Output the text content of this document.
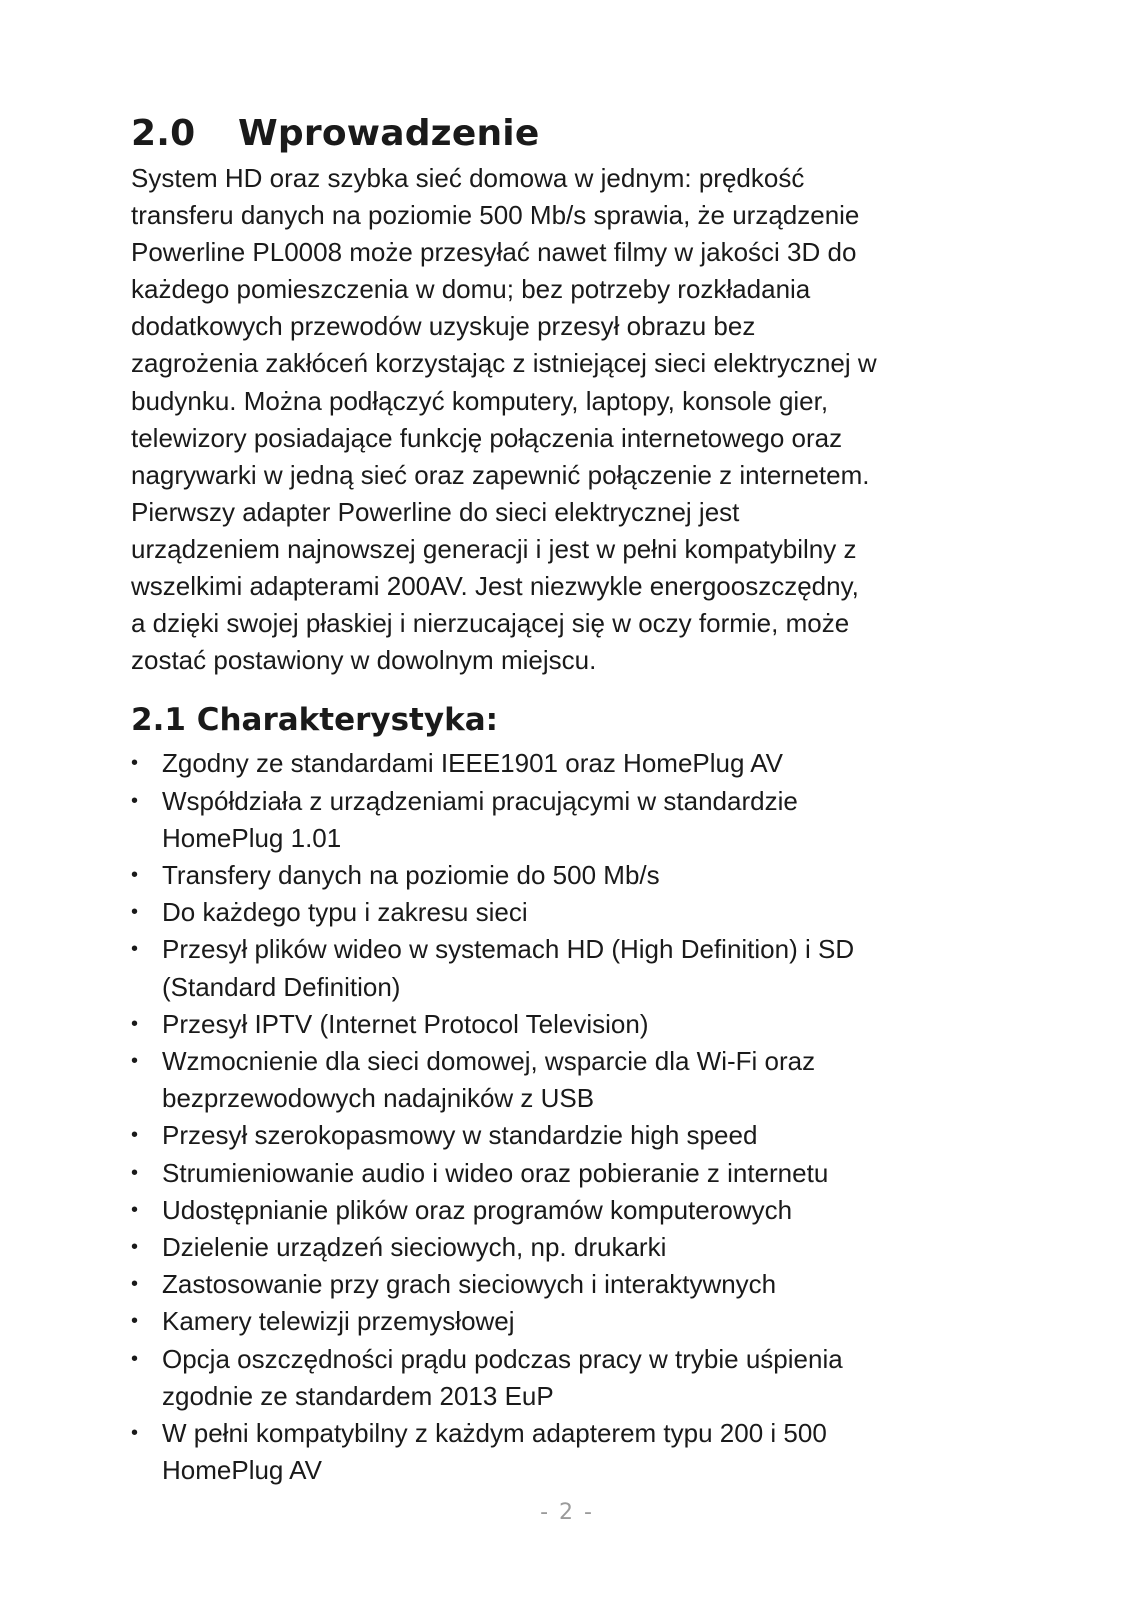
2.0 Wprowadzenie

System HD oraz szybka sieć domowa w jednym: prędkość
transferu danych na poziomie 500 Mb/s sprawia, że urządzenie
Powerline PL0008 może przesyłać nawet filmy w jakości 3D do
każdego pomieszczenia w domu; bez potrzeby rozkładania
dodatkowych przewodów uzyskuje przesył obrazu bez
zagrożenia zakłóceń korzystając z istniejącej sieci elektrycznej w
budynku. Można podłączyć komputery, laptopy, konsole gier,
telewizory posiadające funkcję połączenia internetowego oraz
nagrywarki w jedną sieć oraz zapewnić połączenie z internetem.
Pierwszy adapter Powerline do sieci elektrycznej jest
urządzeniem najnowszej generacji i jest w pełni kompatybilny z
wszelkimi adapterami 200AV. Jest niezwykle energooszczędny,
a dzięki swojej płaskiej i nierzucającej się w oczy formie, może
zostać postawiony w dowolnym miejscu.

2.1 Charakterystyka:
• Zgodny ze standardami IEEE1901 oraz HomePlug AV
• Współdziała z urządzeniami pracującymi w standardzie
HomePlug 1.01
• Transfery danych na poziomie do 500 Mb/s
• Do każdego typu i zakresu sieci
• Przesył plików wideo w systemach HD (High Definition) i SD
(Standard Definition)
• Przesył IPTV (Internet Protocol Television)
• Wzmocnienie dla sieci domowej, wsparcie dla Wi-Fi oraz
bezprzewodowych nadajników z USB
• Przesył szerokopasmowy w standardzie high speed
• Strumieniowanie audio i wideo oraz pobieranie z internetu
• Udostępnianie plików oraz programów komputerowych
• Dzielenie urządzeń sieciowych, np. drukarki
• Zastosowanie przy grach sieciowych i interaktywnych
• Kamery telewizji przemysłowej
• Opcja oszczędności prądu podczas pracy w trybie uśpienia
zgodnie ze standardem 2013 EuP
• W pełni kompatybilny z każdym adapterem typu 200 i 500
HomePlug AV
- 2 -
